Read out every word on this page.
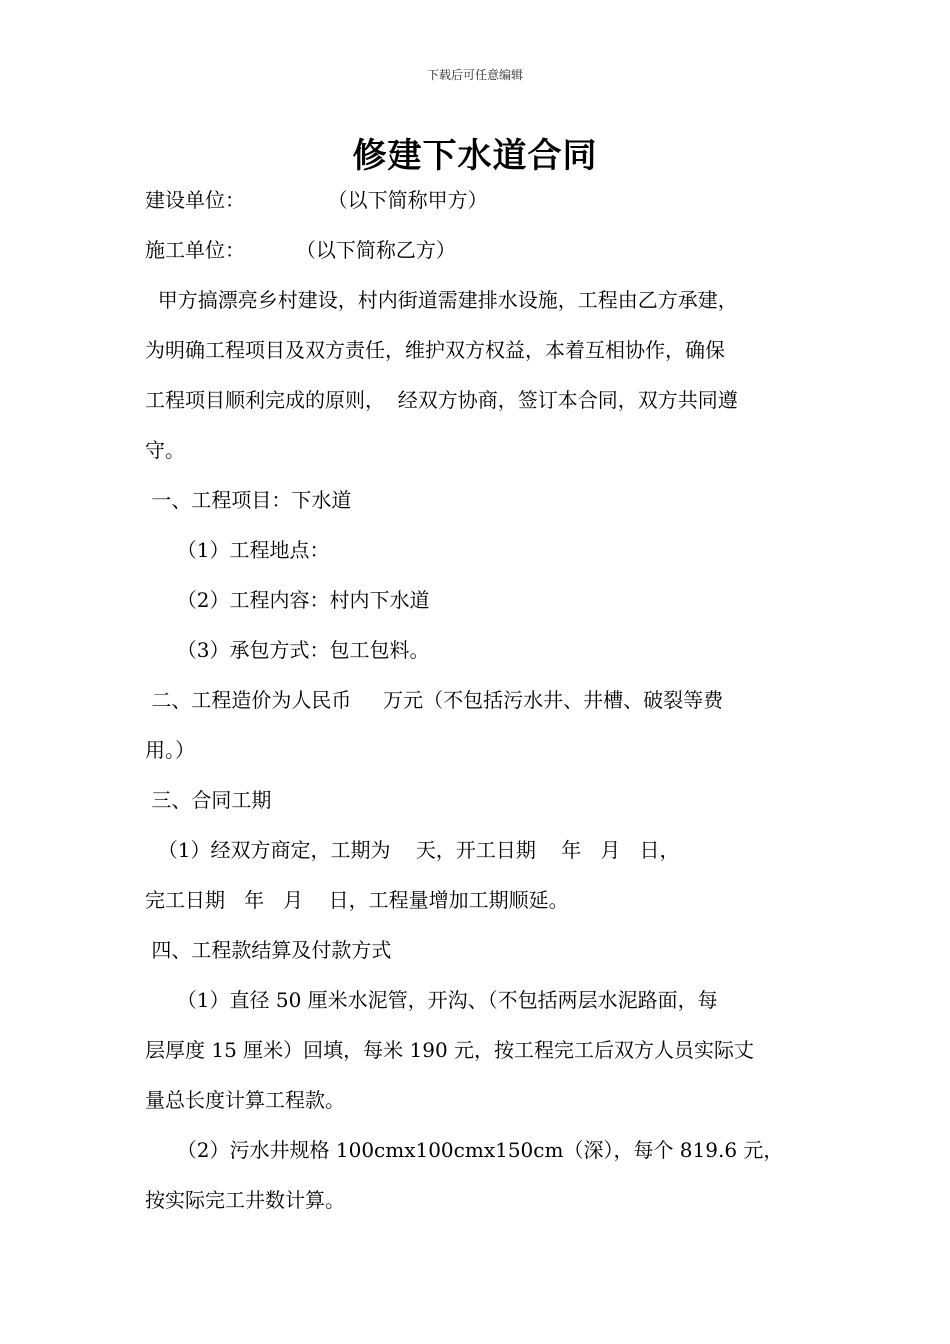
下载后可任意编辑
修建下水道合同
建设单位：             （以下简称甲方）
施工单位：        （以下简称乙方）
甲方搞漂亮乡村建设，村内街道需建排水设施，工程由乙方承建，
为明确工程项目及双方责任，维护双方权益，本着互相协作，确保
工程项目顺利完成的原则，  经双方协商，签订本合同，双方共同遵
守。
一、工程项目：下水道
（1）工程地点：
（2）工程内容：村内下水道
（3）承包方式：包工包料。
二、工程造价为人民币     万元（不包括污水井、井槽、破裂等费
用。）
三、合同工期
（1）经双方商定，工期为    天，开工日期    年   月   日，
完工日期   年   月    日，工程量增加工期顺延。
四、工程款结算及付款方式
（1）直径 50 厘米水泥管，开沟、（不包括两层水泥路面，每
层厚度 15 厘米）回填，每米 190 元，按工程完工后双方人员实际丈
量总长度计算工程款。
（2）污水井规格 100cmx100cmx150cm（深），每个 819.6 元，
按实际完工井数计算。
